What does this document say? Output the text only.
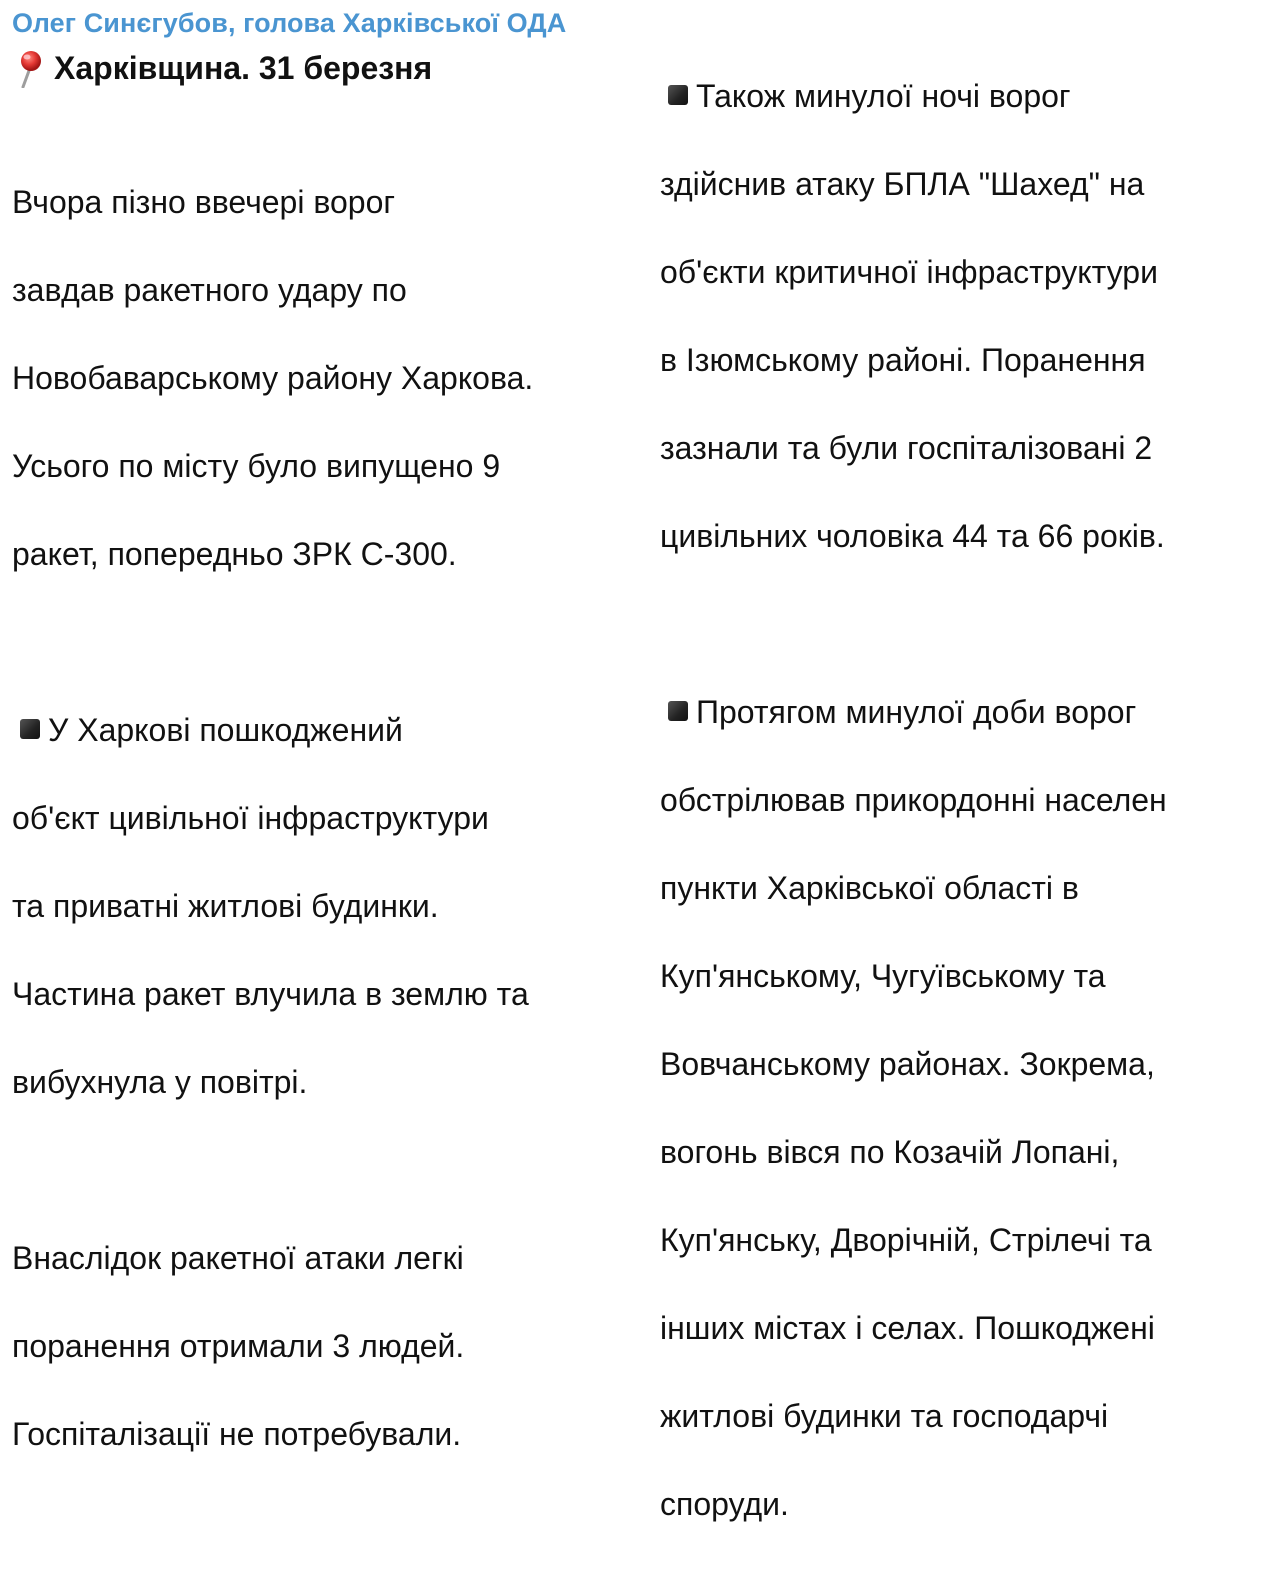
Олег Синєгубов, голова Харківської ОДА
Харківщина. 31 березня

Вчора пізно ввечері ворог

завдав ракетного удару по

Новобаварському району Харкова.

Усього по місту було випущено 9

ракет, попередньо ЗРК С-300.

У Харкові пошкоджений

об'єкт цивільної інфраструктури

та приватні житлові будинки.

Частина ракет влучила в землю та

вибухнула у повітрі.

Внаслідок ракетної атаки легкі

поранення отримали 3 людей.

Госпіталізації не потребували.

Також минулої ночі ворог

здійснив атаку БПЛА "Шахед" на

об'єкти критичної інфраструктури

в Ізюмському районі. Поранення

зазнали та були госпіталізовані 2

цивільних чоловіка 44 та 66 років.

Протягом минулої доби ворог

обстрілював прикордонні населен

пункти Харківської області в

Куп'янському, Чугуївському та

Вовчанському районах. Зокрема,

вогонь вівся по Козачій Лопані,

Куп'янську, Дворічній, Стрілечі та

інших містах і селах. Пошкоджені

житлові будинки та господарчі

споруди.
